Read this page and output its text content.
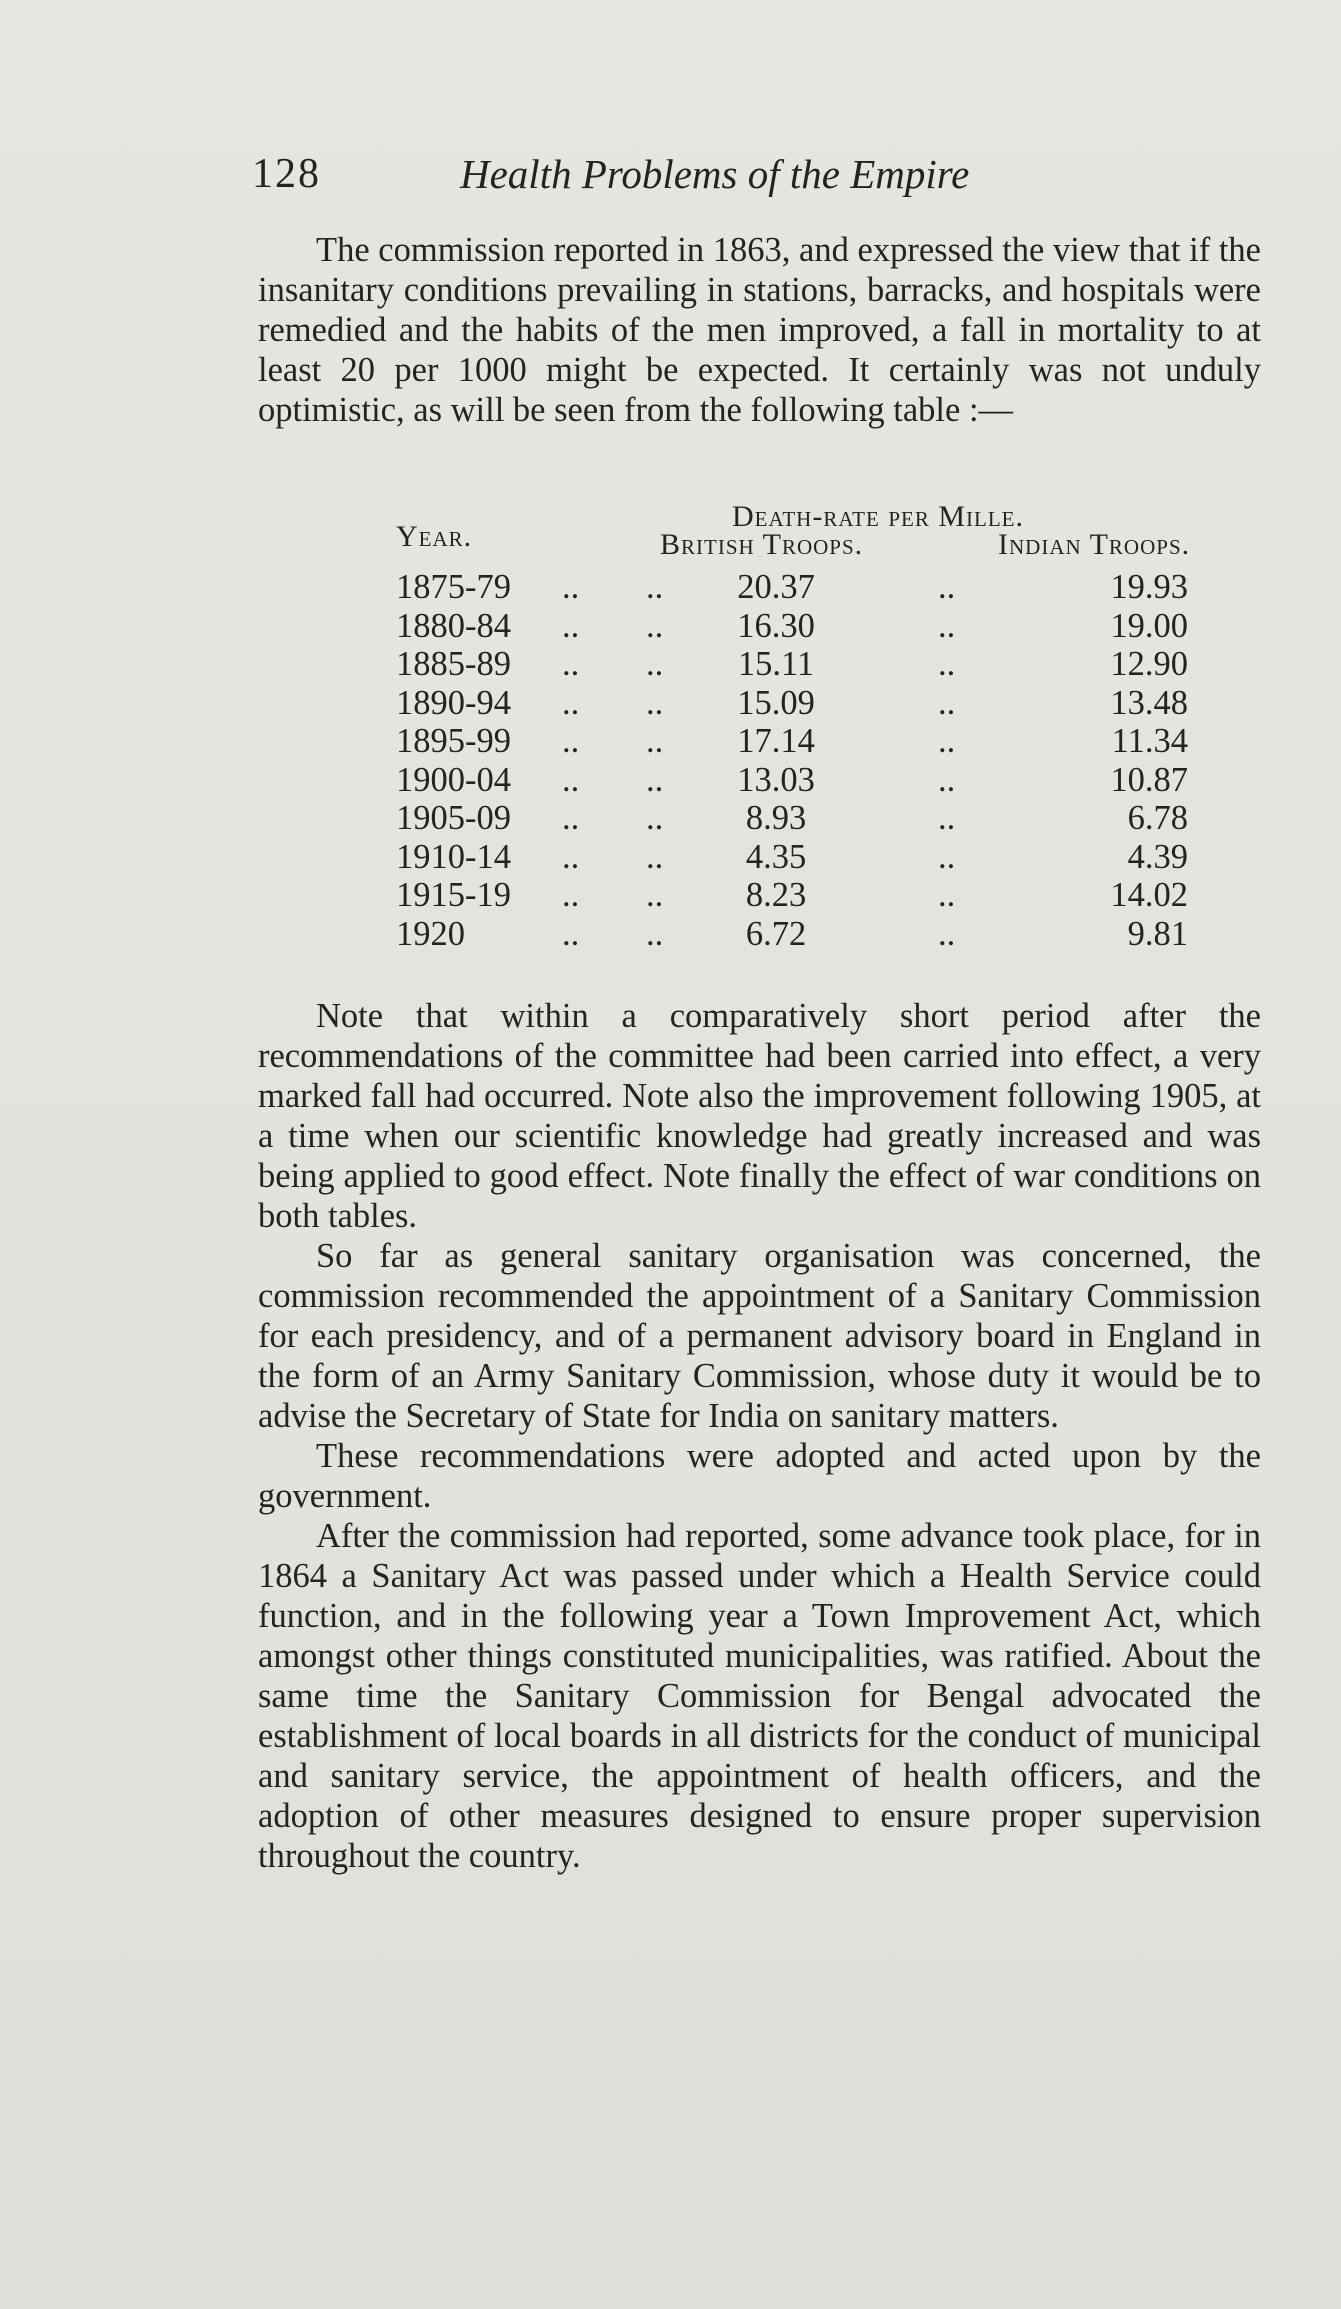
128	Health Problems of the Empire

The commission reported in 1863, and expressed the view that if the insanitary conditions prevailing in stations, barracks, and hospitals were remedied and the habits of the men improved, a fall in mortality to at least 20 per 1000 might be expected. It certainly was not unduly optimistic, as will be seen from the following table :—

Year.
Death-rate per Mille.
British Troops.	Indian Troops.
1875-79 .. ..	20.37	..	19.93
1880-84 .. ..	16.30	..	19.00
1885-89 .. ..	15.11	..	12.90
1890-94 .. ..	15.09	..	13.48
1895-99 .. ..	17.14	..	11.34
1900-04 .. ..	13.03	..	10.87
1905-09 .. ..	8.93	..	6.78
1910-14 .. ..	4.35	..	4.39
1915-19 .. ..	8.23	..	14.02
1920	.. ..	6.72	..	9.81

Note that within a comparatively short period after the recommendations of the committee had been carried into effect, a very marked fall had occurred. Note also the improvement following 1905, at a time when our scientific knowledge had greatly increased and was being applied to good effect. Note finally the effect of war conditions on both tables.

So far as general sanitary organisation was concerned, the commission recommended the appointment of a Sanitary Commission for each presidency, and of a permanent advisory board in England in the form of an Army Sanitary Commission, whose duty it would be to advise the Secretary of State for India on sanitary matters.

These recommendations were adopted and acted upon by the government.

After the commission had reported, some advance took place, for in 1864 a Sanitary Act was passed under which a Health Service could function, and in the following year a Town Improvement Act, which amongst other things constituted municipalities, was ratified. About the same time the Sanitary Commission for Bengal advocated the establishment of local boards in all districts for the conduct of municipal and sanitary service, the appointment of health officers, and the adoption of other measures designed to ensure proper supervision throughout the country.
